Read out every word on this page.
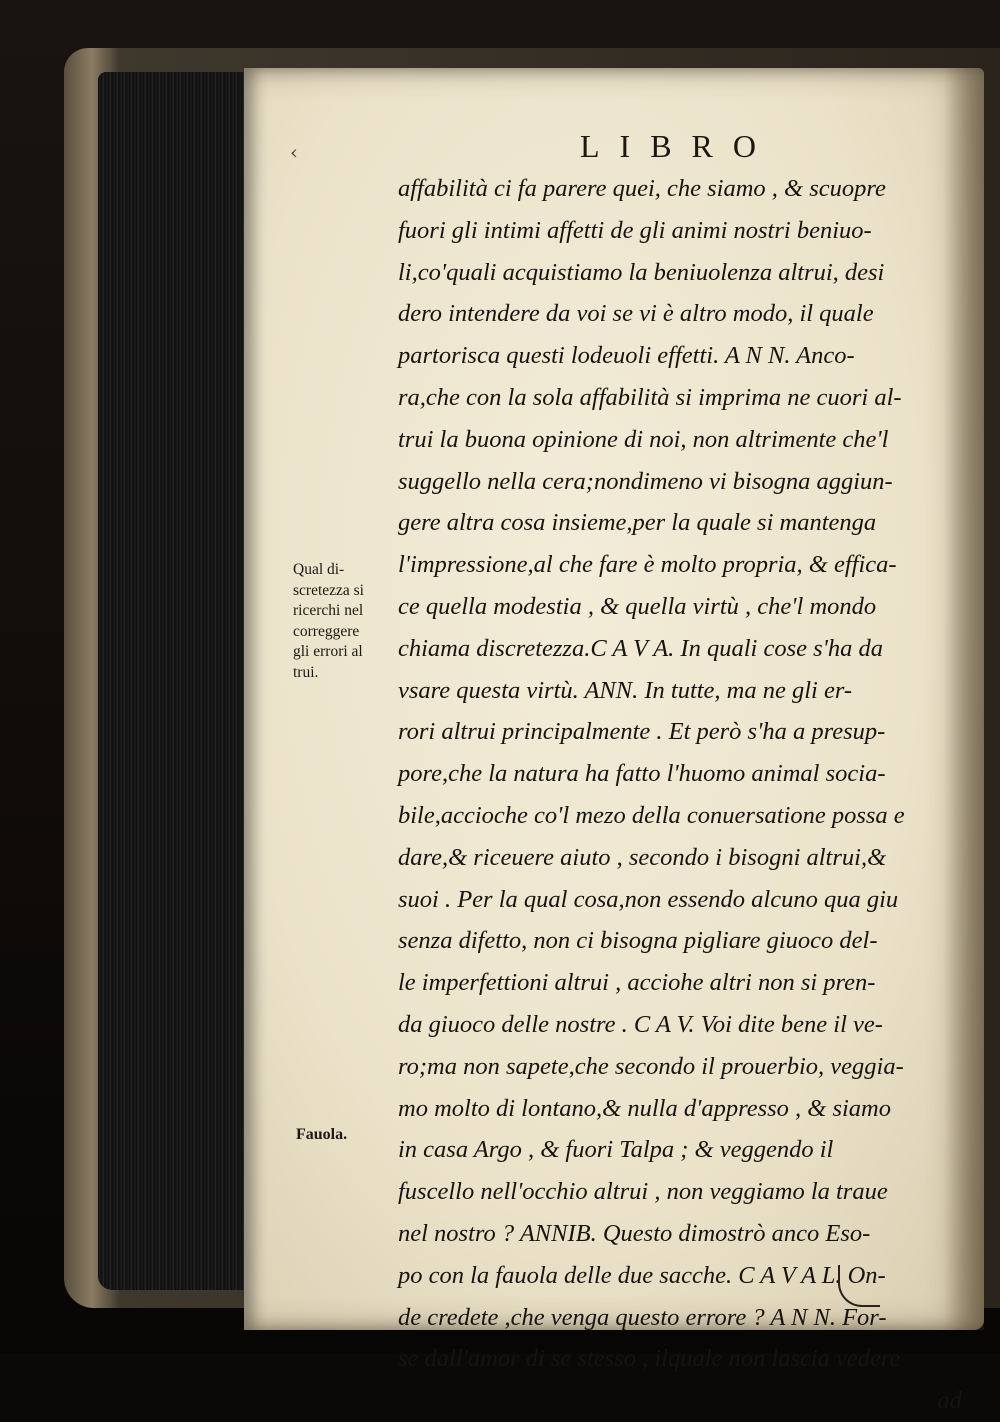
‹	LIBRO
affabilità ci fa parere quei, che siamo , & scuopre
fuori gli intimi affetti de gli animi nostri beniuo-
li,co'quali acquistiamo la beniuolenza altrui, desi
dero intendere da voi se vi è altro modo, il quale
partorisca questi lodeuoli effetti. A N N. Anco-
ra,che con la sola affabilità si imprima ne cuori al-
trui la buona opinione di noi, non altrimente che'l
suggello nella cera;nondimeno vi bisogna aggiun-
gere altra cosa insieme,per la quale si mantenga
l'impressione,al che fare è molto propria, & effica-
ce quella modestia , & quella virtù , che'l mondo
chiama discretezza.C A V A. In quali cose s'ha da
vsare questa virtù. ANN. In tutte, ma ne gli er-
rori altrui principalmente . Et però s'ha a presup-
pore,che la natura ha fatto l'huomo animal socia-
bile,accioche co'l mezo della conuersatione possa e
dare,& riceuere aiuto , secondo i bisogni altrui,&
suoi . Per la qual cosa,non essendo alcuno qua giu
senza difetto, non ci bisogna pigliare giuoco del-
le imperfettioni altrui , acciohe altri non si pren-
da giuoco delle nostre . C A V. Voi dite bene il ve-
ro;ma non sapete,che secondo il prouerbio, veggia-
mo molto di lontano,& nulla d'appresso , & siamo
in casa Argo , & fuori Talpa ; & veggendo il
fuscello nell'occhio altrui , non veggiamo la traue
nel nostro ? ANNIB. Questo dimostrò anco Eso-
po con la fauola delle due sacche. C A V A L. On-
de credete ,che venga questo errore ? A N N. For-
se dall'amor di se stesso , ilquale non lascia vedere
ad
Qual di-
scretezza si
ricerchi nel
correggere
gli errori al
trui.
Fauola.
